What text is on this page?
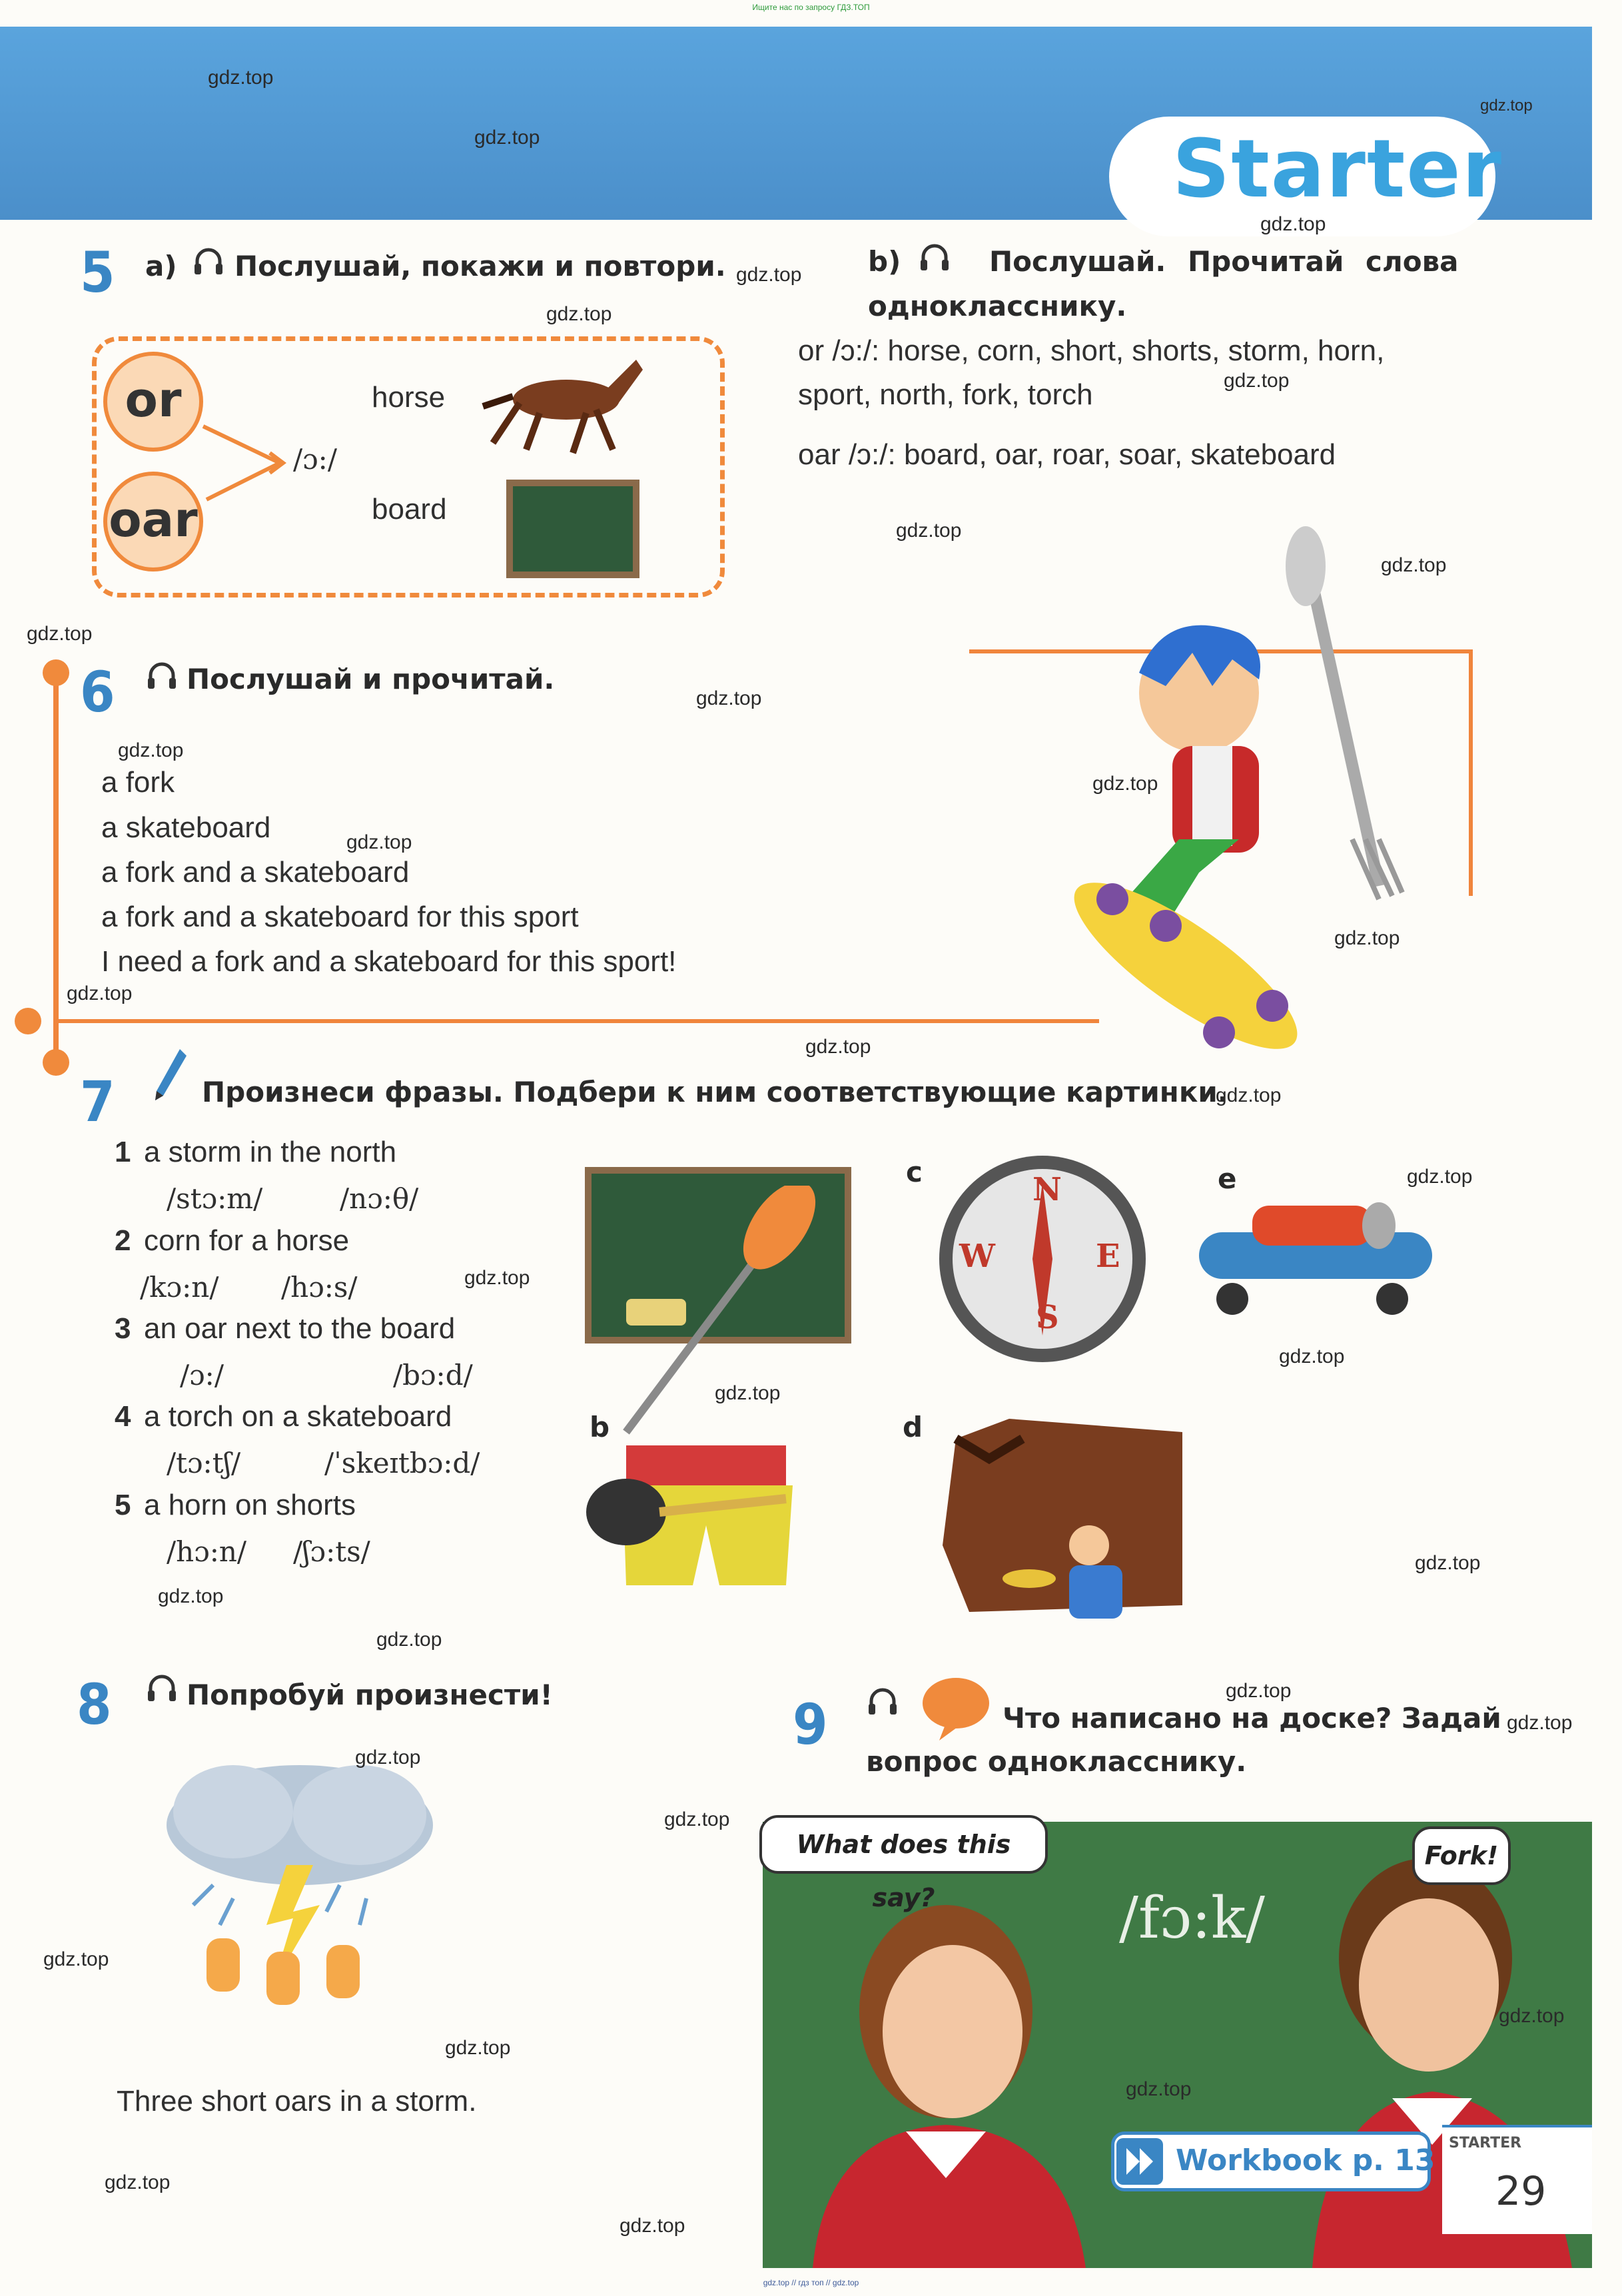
Ищите нас по запросу ГДЗ.ТОП
gdz.top // гдз топ // gdz.top
Starter
5 a) Послушай, покажи и повтори.
or
oar
/ɔ:/
horse
board
b)	Послушай. Прочитай слова
однокласснику.
or /ɔ:/: horse, corn, short, shorts, storm, horn,
sport, north, fork, torch
oar /ɔ:/: board, oar, roar, soar, skateboard
6	Послушай и прочитай.
a fork
a skateboard
a fork and a skateboard
a fork and a skateboard for this sport
I need a fork and a skateboard for this sport!
7	Произнеси фразы. Подбери к ним соответствующие картинки.
1 a storm in the north
/stɔ:m/	/nɔ:θ/
2 corn for a horse
/kɔ:n/ /hɔ:s/
3 an oar next to the board
/ɔ:/	/bɔ:d/
4 a torch on a skateboard
/tɔ:tʃ/	/ˈskeɪtbɔ:d/
5 a horn on shorts
/hɔ:n/ /ʃɔ:ts/
b
c	N
S
W	E
d
e
8	Попробуй произнести!
Three short oars in a storm.
9	Что написано на доске? Задай
вопрос однокласснику.
/fɔ:k/
What does this say?
Fork!
Workbook p. 13
STARTER
29
gdz.top
gdz.top
gdz.top
gdz.top
gdz.top
gdz.top
gdz.top
gdz.top
gdz.top
gdz.top
gdz.top
gdz.top
gdz.top
gdz.top
gdz.top
gdz.top
gdz.top
gdz.top
gdz.top
gdz.top
gdz.top
gdz.top
gdz.top
gdz.top
gdz.top
gdz.top
gdz.top
gdz.top
gdz.top
gdz.top
gdz.top
gdz.top
gdz.top
gdz.top
gdz.top
